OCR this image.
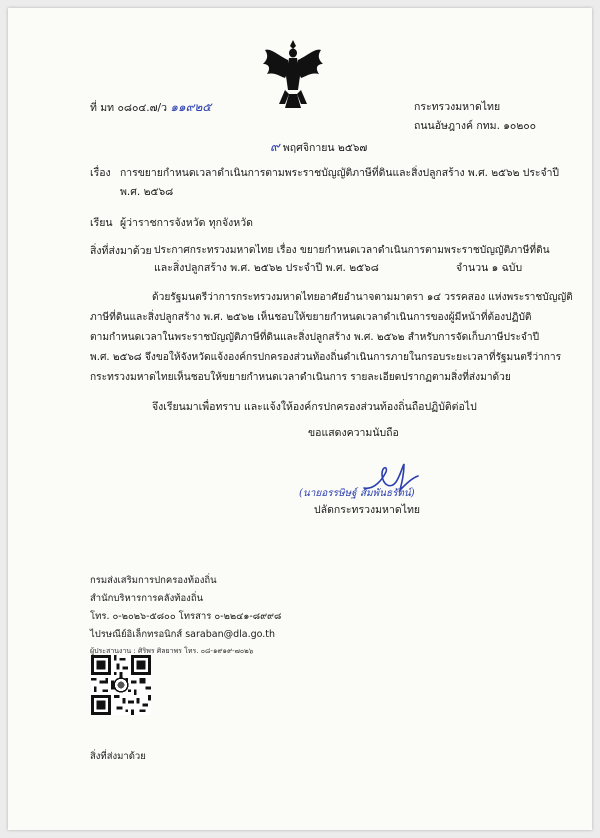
ที่ มท ๐๘๐๔.๗/ว ๑๑๙๒๕	กระทรวงมหาดไทย
ถนนอัษฎางค์ กทม. ๑๐๒๐๐
๙ พฤศจิกายน ๒๕๖๗
เรื่อง การขยายกำหนดเวลาดำเนินการตามพระราชบัญญัติภาษีที่ดินและสิ่งปลูกสร้าง พ.ศ. ๒๕๖๒ ประจำปี
พ.ศ. ๒๕๖๘
เรียน ผู้ว่าราชการจังหวัด ทุกจังหวัด
สิ่งที่ส่งมาด้วย ประกาศกระทรวงมหาดไทย เรื่อง ขยายกำหนดเวลาดำเนินการตามพระราชบัญญัติภาษีที่ดิน
และสิ่งปลูกสร้าง พ.ศ. ๒๕๖๒ ประจำปี พ.ศ. ๒๕๖๘	จำนวน ๑ ฉบับ
ด้วยรัฐมนตรีว่าการกระทรวงมหาดไทยอาศัยอำนาจตามมาตรา ๑๔ วรรคสอง แห่งพระราชบัญญัติ
ภาษีที่ดินและสิ่งปลูกสร้าง พ.ศ. ๒๕๖๒ เห็นชอบให้ขยายกำหนดเวลาดำเนินการของผู้มีหน้าที่ต้องปฏิบัติ
ตามกำหนดเวลาในพระราชบัญญัติภาษีที่ดินและสิ่งปลูกสร้าง พ.ศ. ๒๕๖๒ สำหรับการจัดเก็บภาษีประจำปี
พ.ศ. ๒๕๖๘ จึงขอให้จังหวัดแจ้งองค์กรปกครองส่วนท้องถิ่นดำเนินการภายในกรอบระยะเวลาที่รัฐมนตรีว่าการ
กระทรวงมหาดไทยเห็นชอบให้ขยายกำหนดเวลาดำเนินการ รายละเอียดปรากฏตามสิ่งที่ส่งมาด้วย
จึงเรียนมาเพื่อทราบ และแจ้งให้องค์กรปกครองส่วนท้องถิ่นถือปฏิบัติต่อไป
ขอแสดงความนับถือ
(นายอรรษิษฐ์ สัมพันธรัตน์)
ปลัดกระทรวงมหาดไทย
กรมส่งเสริมการปกครองท้องถิ่น
สำนักบริหารการคลังท้องถิ่น
โทร. ๐-๒๐๒๖-๕๘๐๐ โทรสาร ๐-๒๒๔๑-๘๙๙๘
ไปรษณีย์อิเล็กทรอนิกส์ saraban@dla.go.th
ผู้ประสานงาน : ศิริพร ศิลยาพร โทร. ๐๘-๑๙๑๙-๗๐๒๖
สิ่งที่ส่งมาด้วย
